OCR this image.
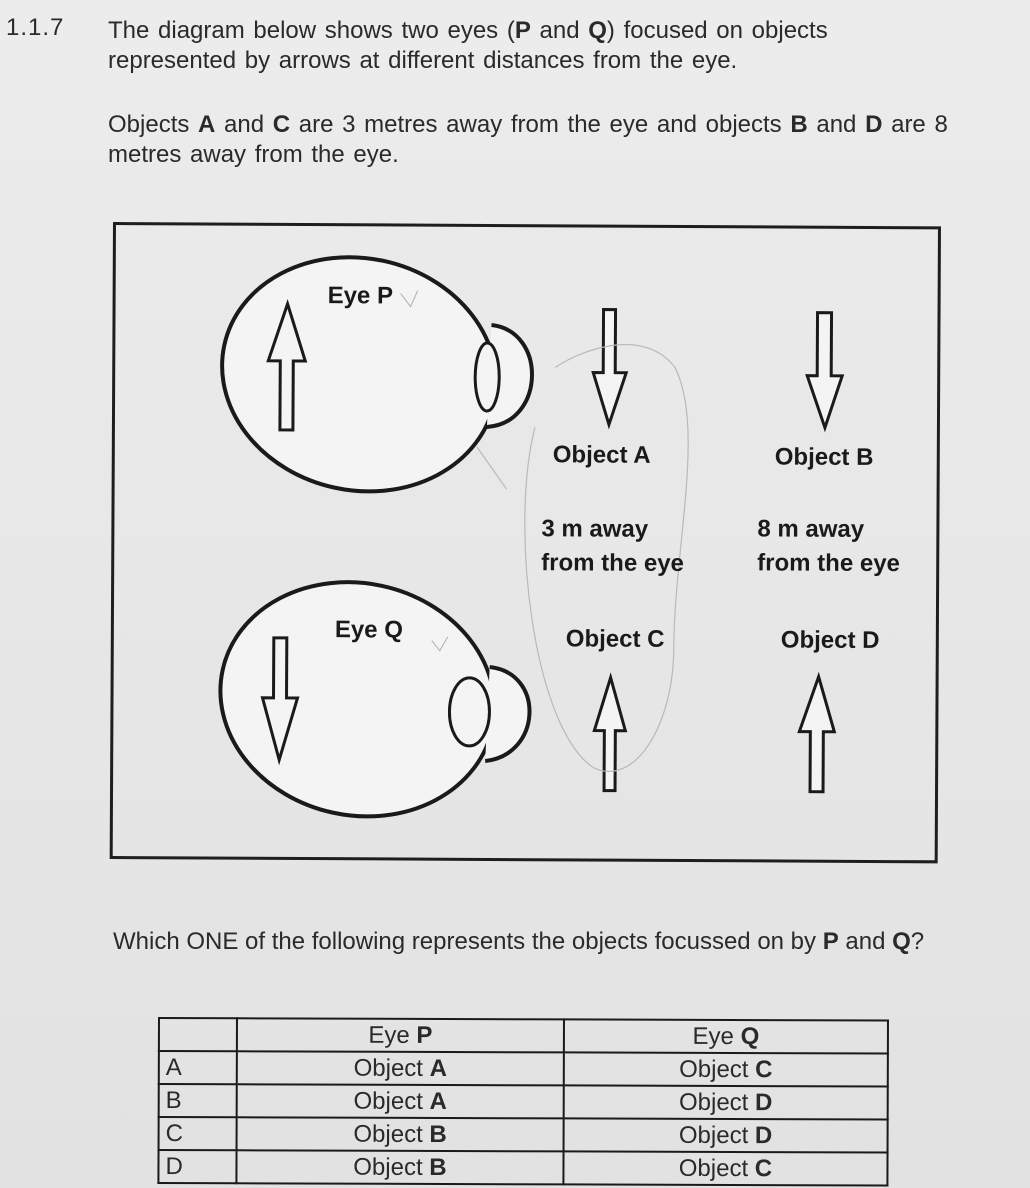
1.1.7 The diagram below shows two eyes (P and Q) focused on objects represented by arrows at different distances from the eye.
Objects A and C are 3 metres away from the eye and objects B and D are 8 metres away from the eye.
Eye P
Eye Q
Object A	Object B
3 m away
from the eye
8 m away
from the eye
Object C	Object D
Which ONE of the following represents the objects focussed on by P and Q?
	Eye P	Eye Q
A	Object A	Object C
B	Object A	Object D
C	Object B	Object D
D	Object B	Object C
